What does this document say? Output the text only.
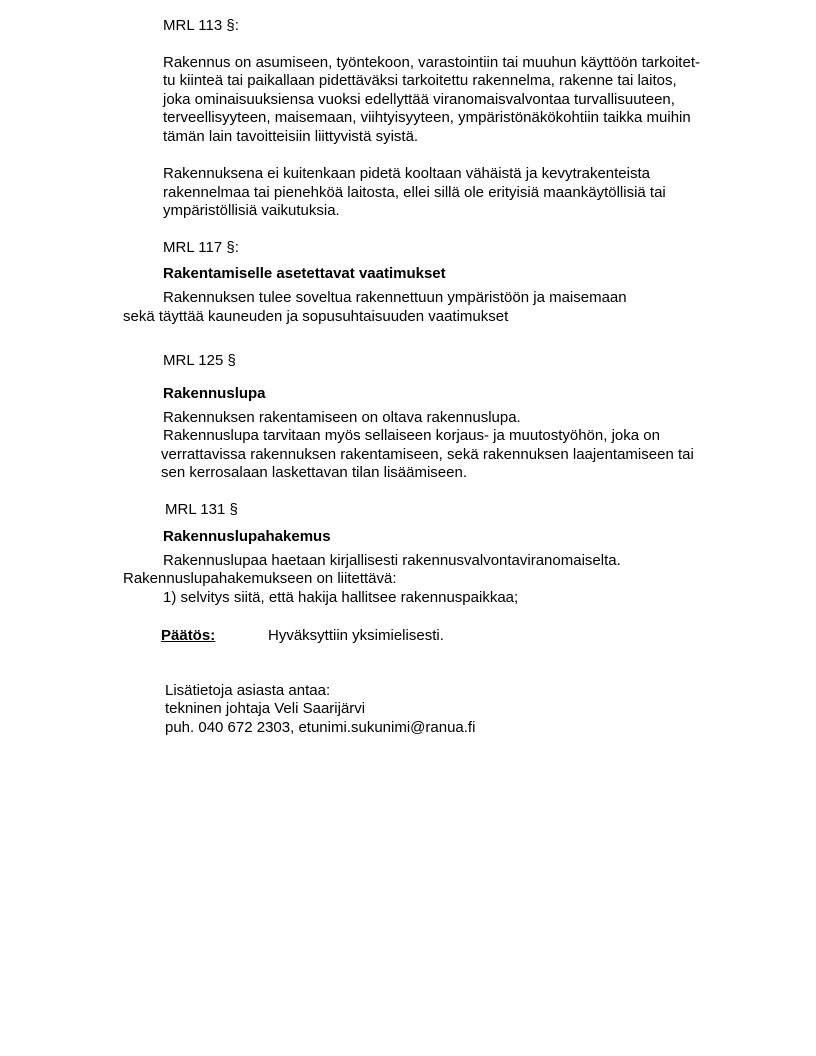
MRL 113 §:
Rakennus on asumiseen, työntekoon, varastointiin tai muuhun käyttöön tarkoitet-
tu kiinteä tai paikallaan pidettäväksi tarkoitettu rakennelma, rakenne tai laitos,
joka ominaisuuksiensa vuoksi edellyttää viranomaisvalvontaa turvallisuuteen,
terveellisyyteen, maisemaan, viihtyisyyteen, ympäristönäkökohtiin taikka muihin
tämän lain tavoitteisiin liittyvistä syistä.
Rakennuksena ei kuitenkaan pidetä kooltaan vähäistä ja kevytrakenteista
rakennelmaa tai pienehköä laitosta, ellei sillä ole erityisiä maankäytöllisiä tai
ympäristöllisiä vaikutuksia.
MRL 117 §:
Rakentamiselle asetettavat vaatimukset
Rakennuksen tulee soveltua rakennettuun ympäristöön ja maisemaan
sekä täyttää kauneuden ja sopusuhtaisuuden vaatimukset
MRL 125 §
Rakennuslupa
Rakennuksen rakentamiseen on oltava rakennuslupa.
Rakennuslupa tarvitaan myös sellaiseen korjaus- ja muutostyöhön, joka on
verrattavissa rakennuksen rakentamiseen, sekä rakennuksen laajentamiseen tai
sen kerrosalaan laskettavan tilan lisäämiseen.
MRL 131 §
Rakennuslupahakemus
Rakennuslupaa haetaan kirjallisesti rakennusvalvontaviranomaiselta.
Rakennuslupahakemukseen on liitettävä:
1) selvitys siitä, että hakija hallitsee rakennuspaikkaa;
Päätös:	Hyväksyttiin yksimielisesti.
Lisätietoja asiasta antaa:
tekninen johtaja Veli Saarijärvi
puh. 040 672 2303, etunimi.sukunimi@ranua.fi
